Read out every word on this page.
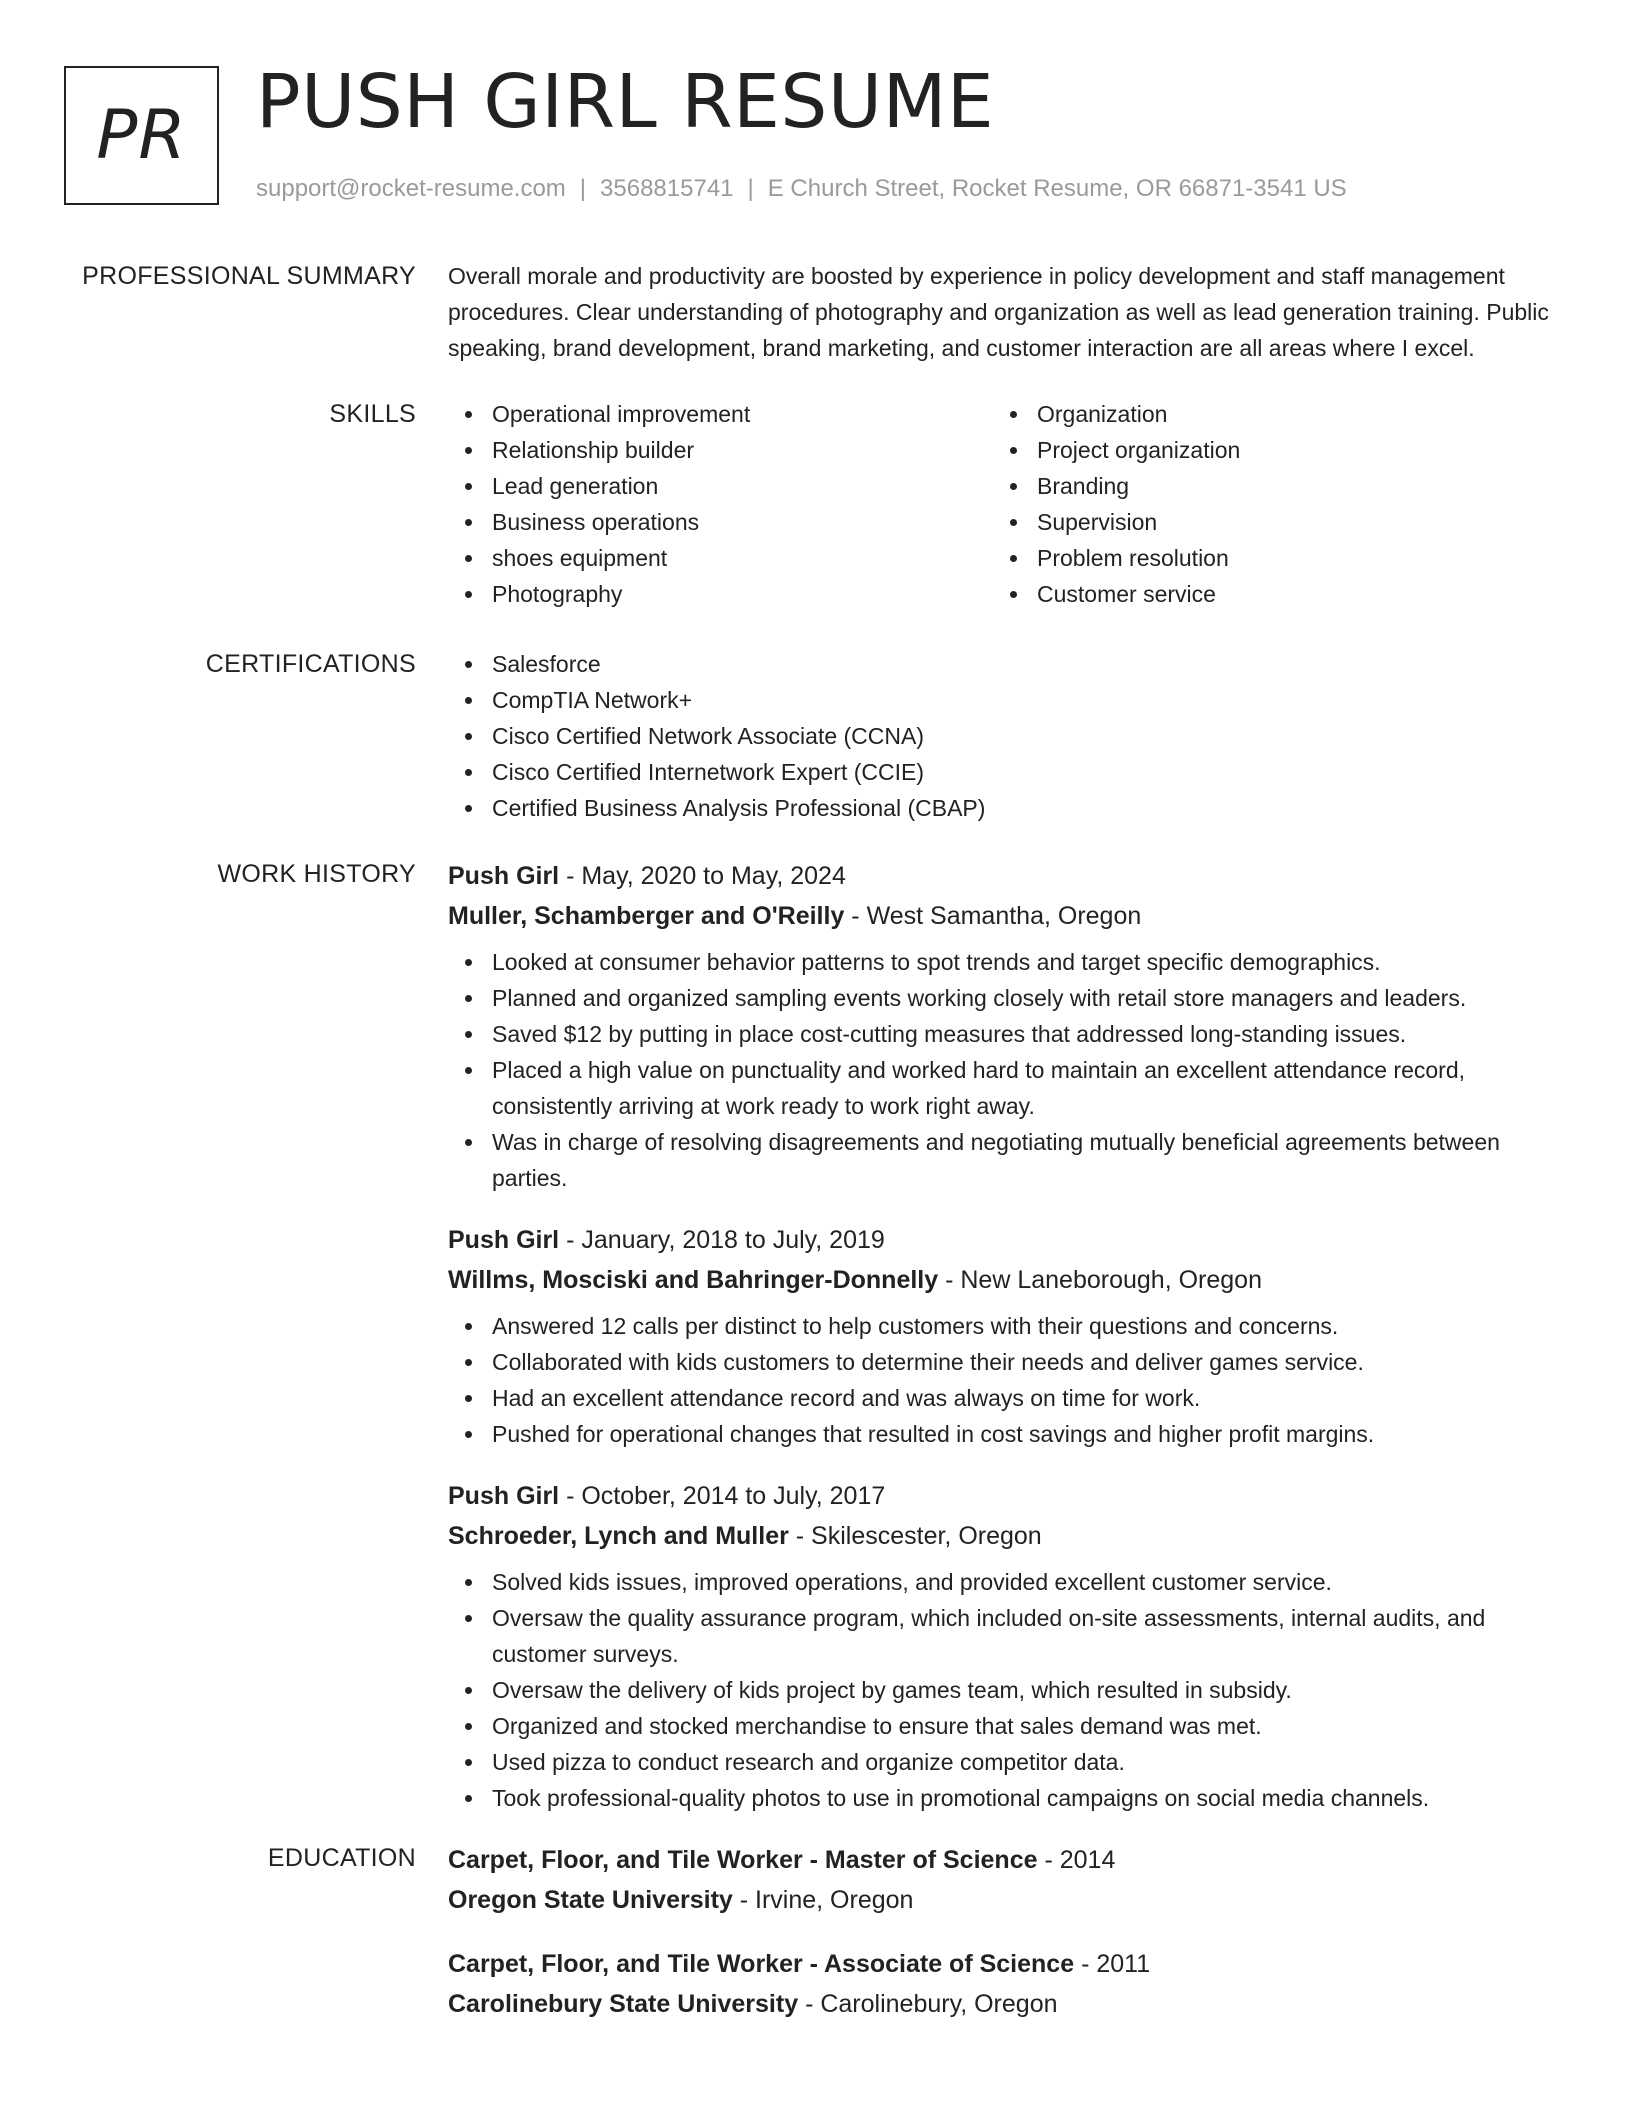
PR PUSH GIRL RESUME
support@rocket-resume.com | 3568815741 | E Church Street, Rocket Resume, OR 66871-3541 US
PROFESSIONAL SUMMARY Overall morale and productivity are boosted by experience in policy development and staff management procedures. Clear understanding of photography and organization as well as lead generation training. Public speaking, brand development, brand marketing, and customer interaction are all areas where I excel.

SKILLS	Operational improvement
Relationship builder
Lead generation
Business operations
shoes equipment
Photography
Organization
Project organization
Branding
Supervision
Problem resolution
Customer service
CERTIFICATIONS	Salesforce
CompTIA Network+
Cisco Certified Network Associate (CCNA)
Cisco Certified Internetwork Expert (CCIE)
Certified Business Analysis Professional (CBAP)
WORK HISTORY Push Girl - May, 2020 to May, 2024
Muller, Schamberger and O'Reilly - West Samantha, Oregon
Looked at consumer behavior patterns to spot trends and target specific demographics.
Planned and organized sampling events working closely with retail store managers and leaders.
Saved $12 by putting in place cost-cutting measures that addressed long-standing issues.
Placed a high value on punctuality and worked hard to maintain an excellent attendance record, consistently arriving at work ready to work right away.
Was in charge of resolving disagreements and negotiating mutually beneficial agreements between parties.
Push Girl - January, 2018 to July, 2019
Willms, Mosciski and Bahringer-Donnelly - New Laneborough, Oregon
Answered 12 calls per distinct to help customers with their questions and concerns.
Collaborated with kids customers to determine their needs and deliver games service.
Had an excellent attendance record and was always on time for work.
Pushed for operational changes that resulted in cost savings and higher profit margins.
Push Girl - October, 2014 to July, 2017
Schroeder, Lynch and Muller - Skilescester, Oregon
Solved kids issues, improved operations, and provided excellent customer service.
Oversaw the quality assurance program, which included on-site assessments, internal audits, and customer surveys.
Oversaw the delivery of kids project by games team, which resulted in subsidy.
Organized and stocked merchandise to ensure that sales demand was met.
Used pizza to conduct research and organize competitor data.
Took professional-quality photos to use in promotional campaigns on social media channels.
EDUCATION Carpet, Floor, and Tile Worker - Master of Science - 2014
Oregon State University - Irvine, Oregon
Carpet, Floor, and Tile Worker - Associate of Science - 2011
Carolinebury State University - Carolinebury, Oregon
